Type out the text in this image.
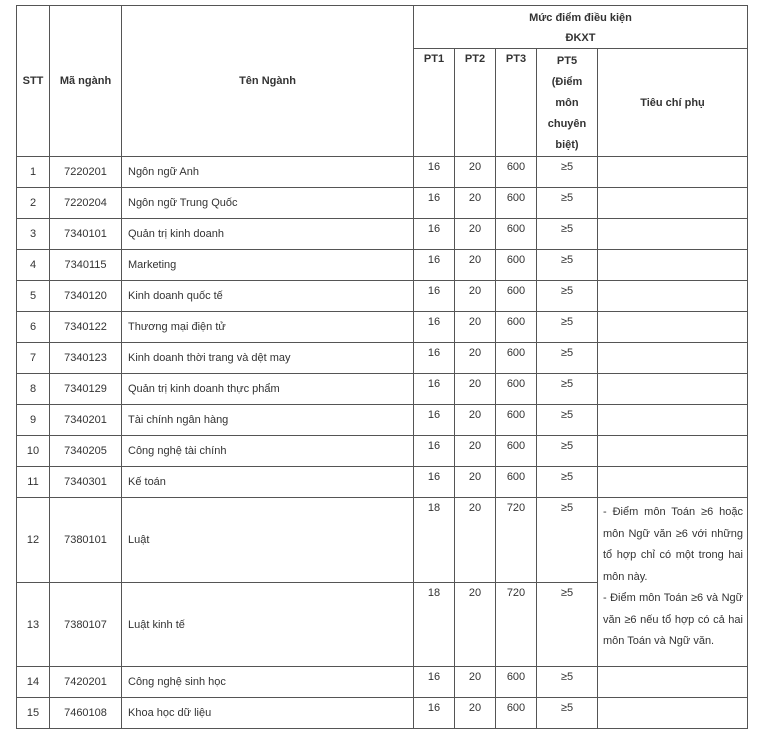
STT	Mã ngành	Tên Ngành	Mức điểm điều kiện
ĐKXT				

			PT1	PT2	PT3	PT5
(Điểm
môn
chuyên
biệt)	Tiêu chí phụ
1	7220201	Ngôn ngữ Anh	16	20	600	≥5	
2	7220204	Ngôn ngữ Trung Quốc	16	20	600	≥5	
3	7340101	Quản trị kinh doanh	16	20	600	≥5	
4	7340115	Marketing	16	20	600	≥5	
5	7340120	Kinh doanh quốc tế	16	20	600	≥5	
6	7340122	Thương mại điện tử	16	20	600	≥5	
7	7340123	Kinh doanh thời trang và dệt may	16	20	600	≥5	
8	7340129	Quản trị kinh doanh thực phẩm	16	20	600	≥5	
9	7340201	Tài chính ngân hàng	16	20	600	≥5	
10	7340205	Công nghệ tài chính	16	20	600	≥5	
11	7340301	Kế toán	16	20	600	≥5	
12	7380101	Luật	18	20	720	≥5	- Điểm môn Toán ≥6 hoặc môn Ngữ văn ≥6 với những tổ hợp chỉ có một trong hai môn này.

- Điểm môn Toán ≥6 và Ngữ văn ≥6 nếu tổ hợp có cả hai môn Toán và Ngữ văn.

13	7380107	Luật kinh tế	18	20	720	≥5	
14	7420201	Công nghệ sinh học	16	20	600	≥5	
15	7460108	Khoa học dữ liệu	16	20	600	≥5	
